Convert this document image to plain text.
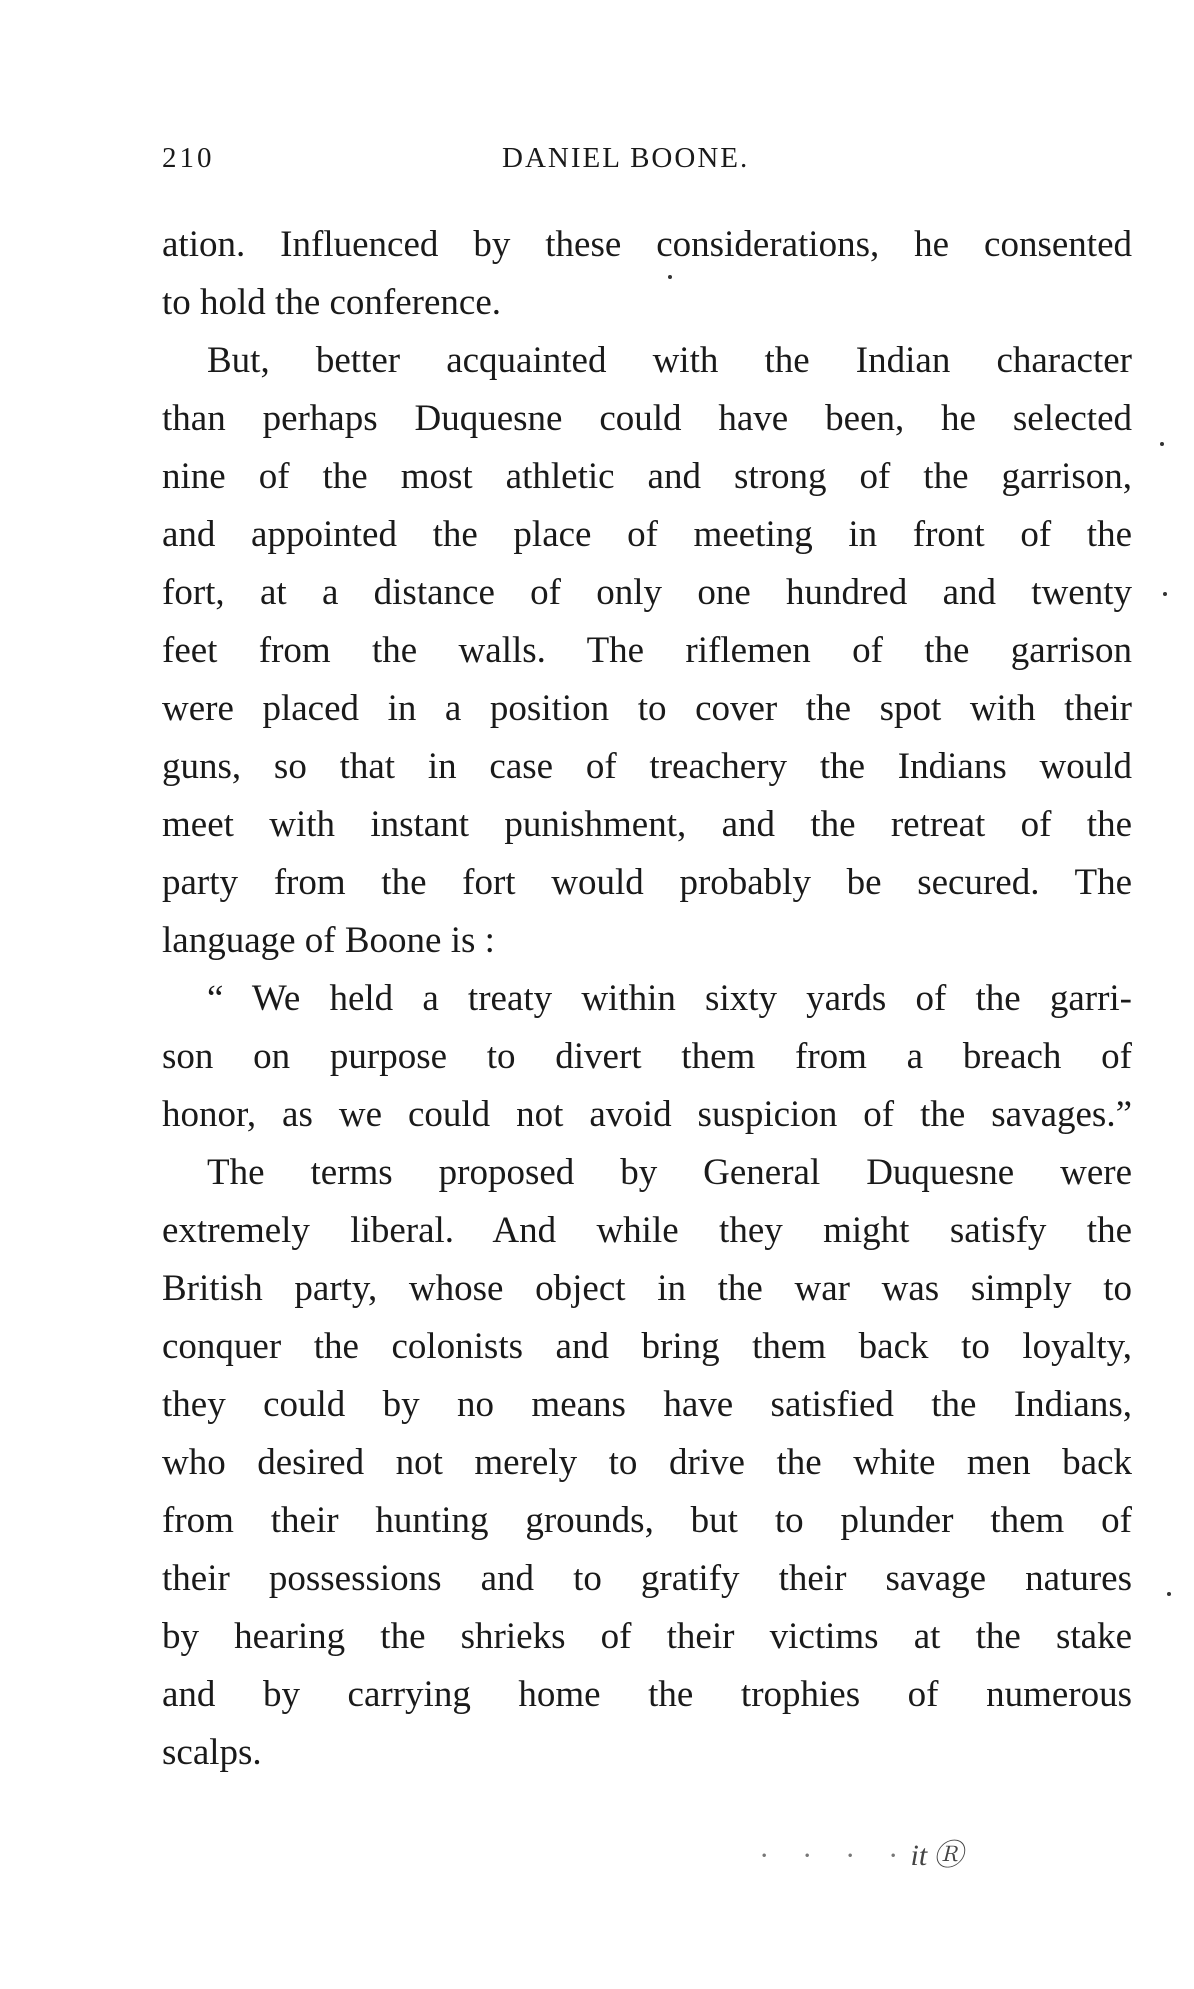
210	DANIEL BOONE.
ation. Influenced by these considerations, he consented
to hold the conference.
But, better acquainted with the Indian character
than perhaps Duquesne could have been, he selected
nine of the most athletic and strong of the garrison,
and appointed the place of meeting in front of the
fort, at a distance of only one hundred and twenty
feet from the walls. The riflemen of the garrison
were placed in a position to cover the spot with their
guns, so that in case of treachery the Indians would
meet with instant punishment, and the retreat of the
party from the fort would probably be secured. The
language of Boone is :
“ We held a treaty within sixty yards of the garri-
son on purpose to divert them from a breach of
honor, as we could not avoid suspicion of the savages.”
The terms proposed by General Duquesne were
extremely liberal. And while they might satisfy the
British party, whose object in the war was simply to
conquer the colonists and bring them back to loyalty,
they could by no means have satisfied the Indians,
who desired not merely to drive the white men back
from their hunting grounds, but to plunder them of
their possessions and to gratify their savage natures
by hearing the shrieks of their victims at the stake
and by carrying home the trophies of numerous
scalps.
· · · ·it Ⓡ
